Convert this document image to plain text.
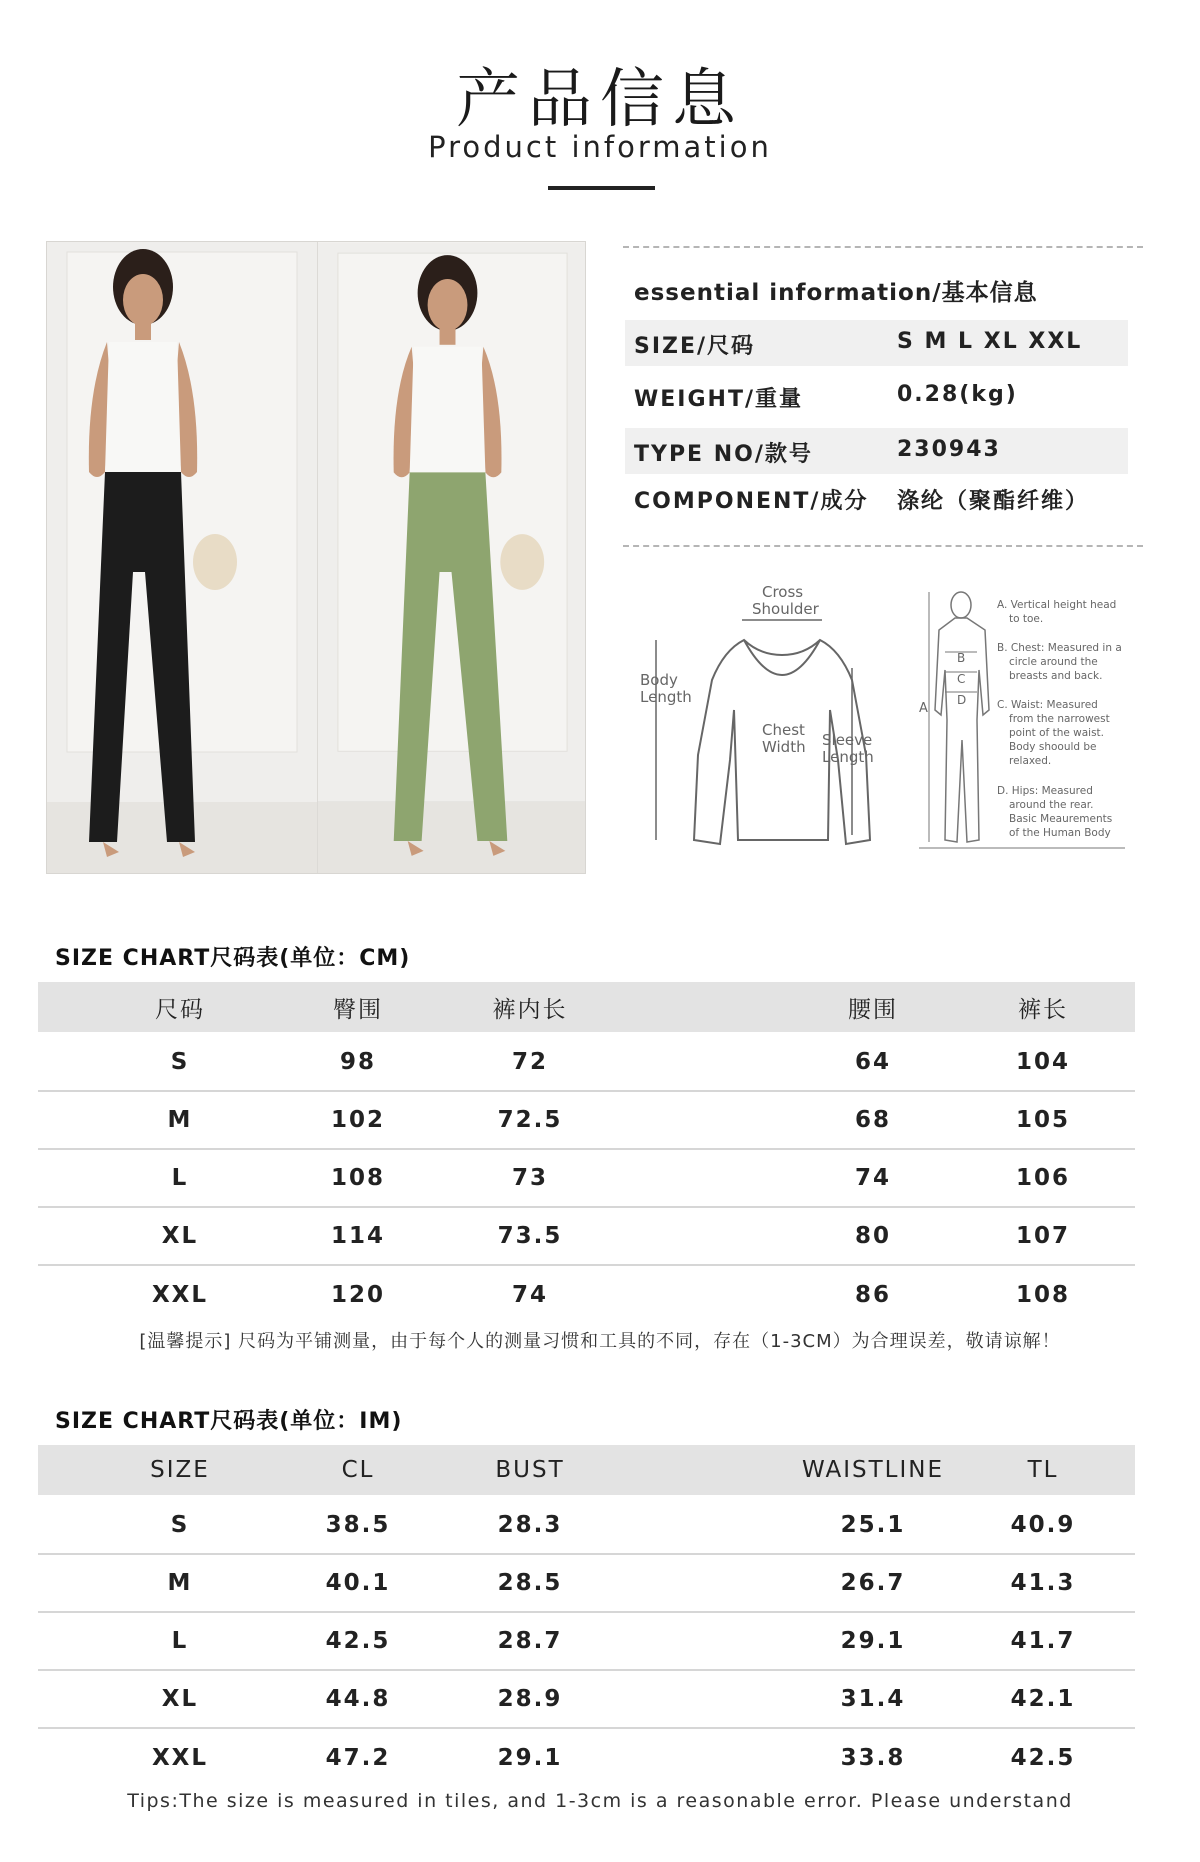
产品信息
Product information
essential information/基本信息
SIZE/尺码	S M L XL XXL
WEIGHT/重量	0.28(kg)
TYPE NO/款号	230943
COMPONENT/成分 涤纶（聚酯纤维）
Cross
Shoulder
Body
Length
Chest
Width Sleeve
Length
A
B
C
D
A. Vertical height head
to toe.
B. Chest: Measured in a
circle around the
breasts and back.
C. Waist: Measured
from the narrowest
point of the waist.
Body shoould be
relaxed.
D. Hips: Measured
around the rear.
Basic Meaurements
of the Human Body
SIZE CHART尺码表(单位：CM)
尺码	臀围	裤内长	腰围	裤长
S	98	72	64	104
M	102	72.5	68	105
L	108	73	74	106
XL	114	73.5	80	107
XXL	120	74	86	108
[温馨提示] 尺码为平铺测量，由于每个人的测量习惯和工具的不同，存在（1-3CM）为合理误差，敬请谅解！
SIZE CHART尺码表(单位：IM)
SIZE	CL	BUST	WAISTLINE	TL
S	38.5	28.3	25.1	40.9
M	40.1	28.5	26.7	41.3
L	42.5	28.7	29.1	41.7
XL	44.8	28.9	31.4	42.1
XXL	47.2	29.1	33.8	42.5
Tips:The size is measured in tiles, and 1-3cm is a reasonable error. Please understand
